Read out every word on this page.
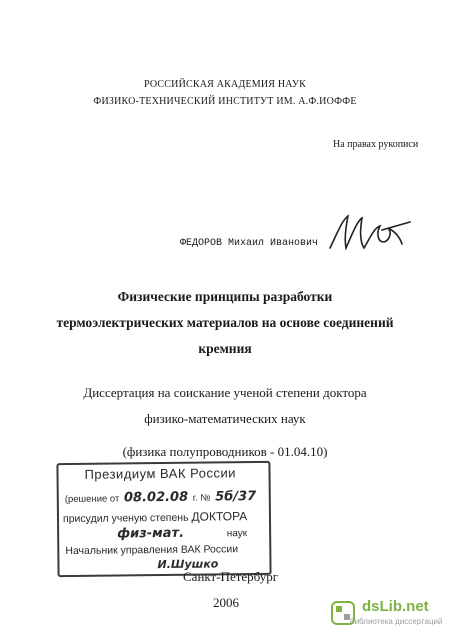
РОССИЙСКАЯ АКАДЕМИЯ НАУК
ФИЗИКО-ТЕХНИЧЕСКИЙ ИНСТИТУТ ИМ. А.Ф.ИОФФЕ
На правах рукописи
ФЕДОРОВ Михаил Иванович
Физические принципы разработки
термоэлектрических материалов на основе соединений
кремния
Диссертация на соискание ученой степени доктора
физико-математических наук
(физика полупроводников - 01.04.10)
Президиум ВАК России
(решение от 08.02.08 г. № 5б/37
присудил ученую степень ДОКТОРА
физ-мат.	наук
Начальник управления ВАК России
И.Шушко
Санкт-Петербург
2006	dsLib.net
библиотека диссертаций
